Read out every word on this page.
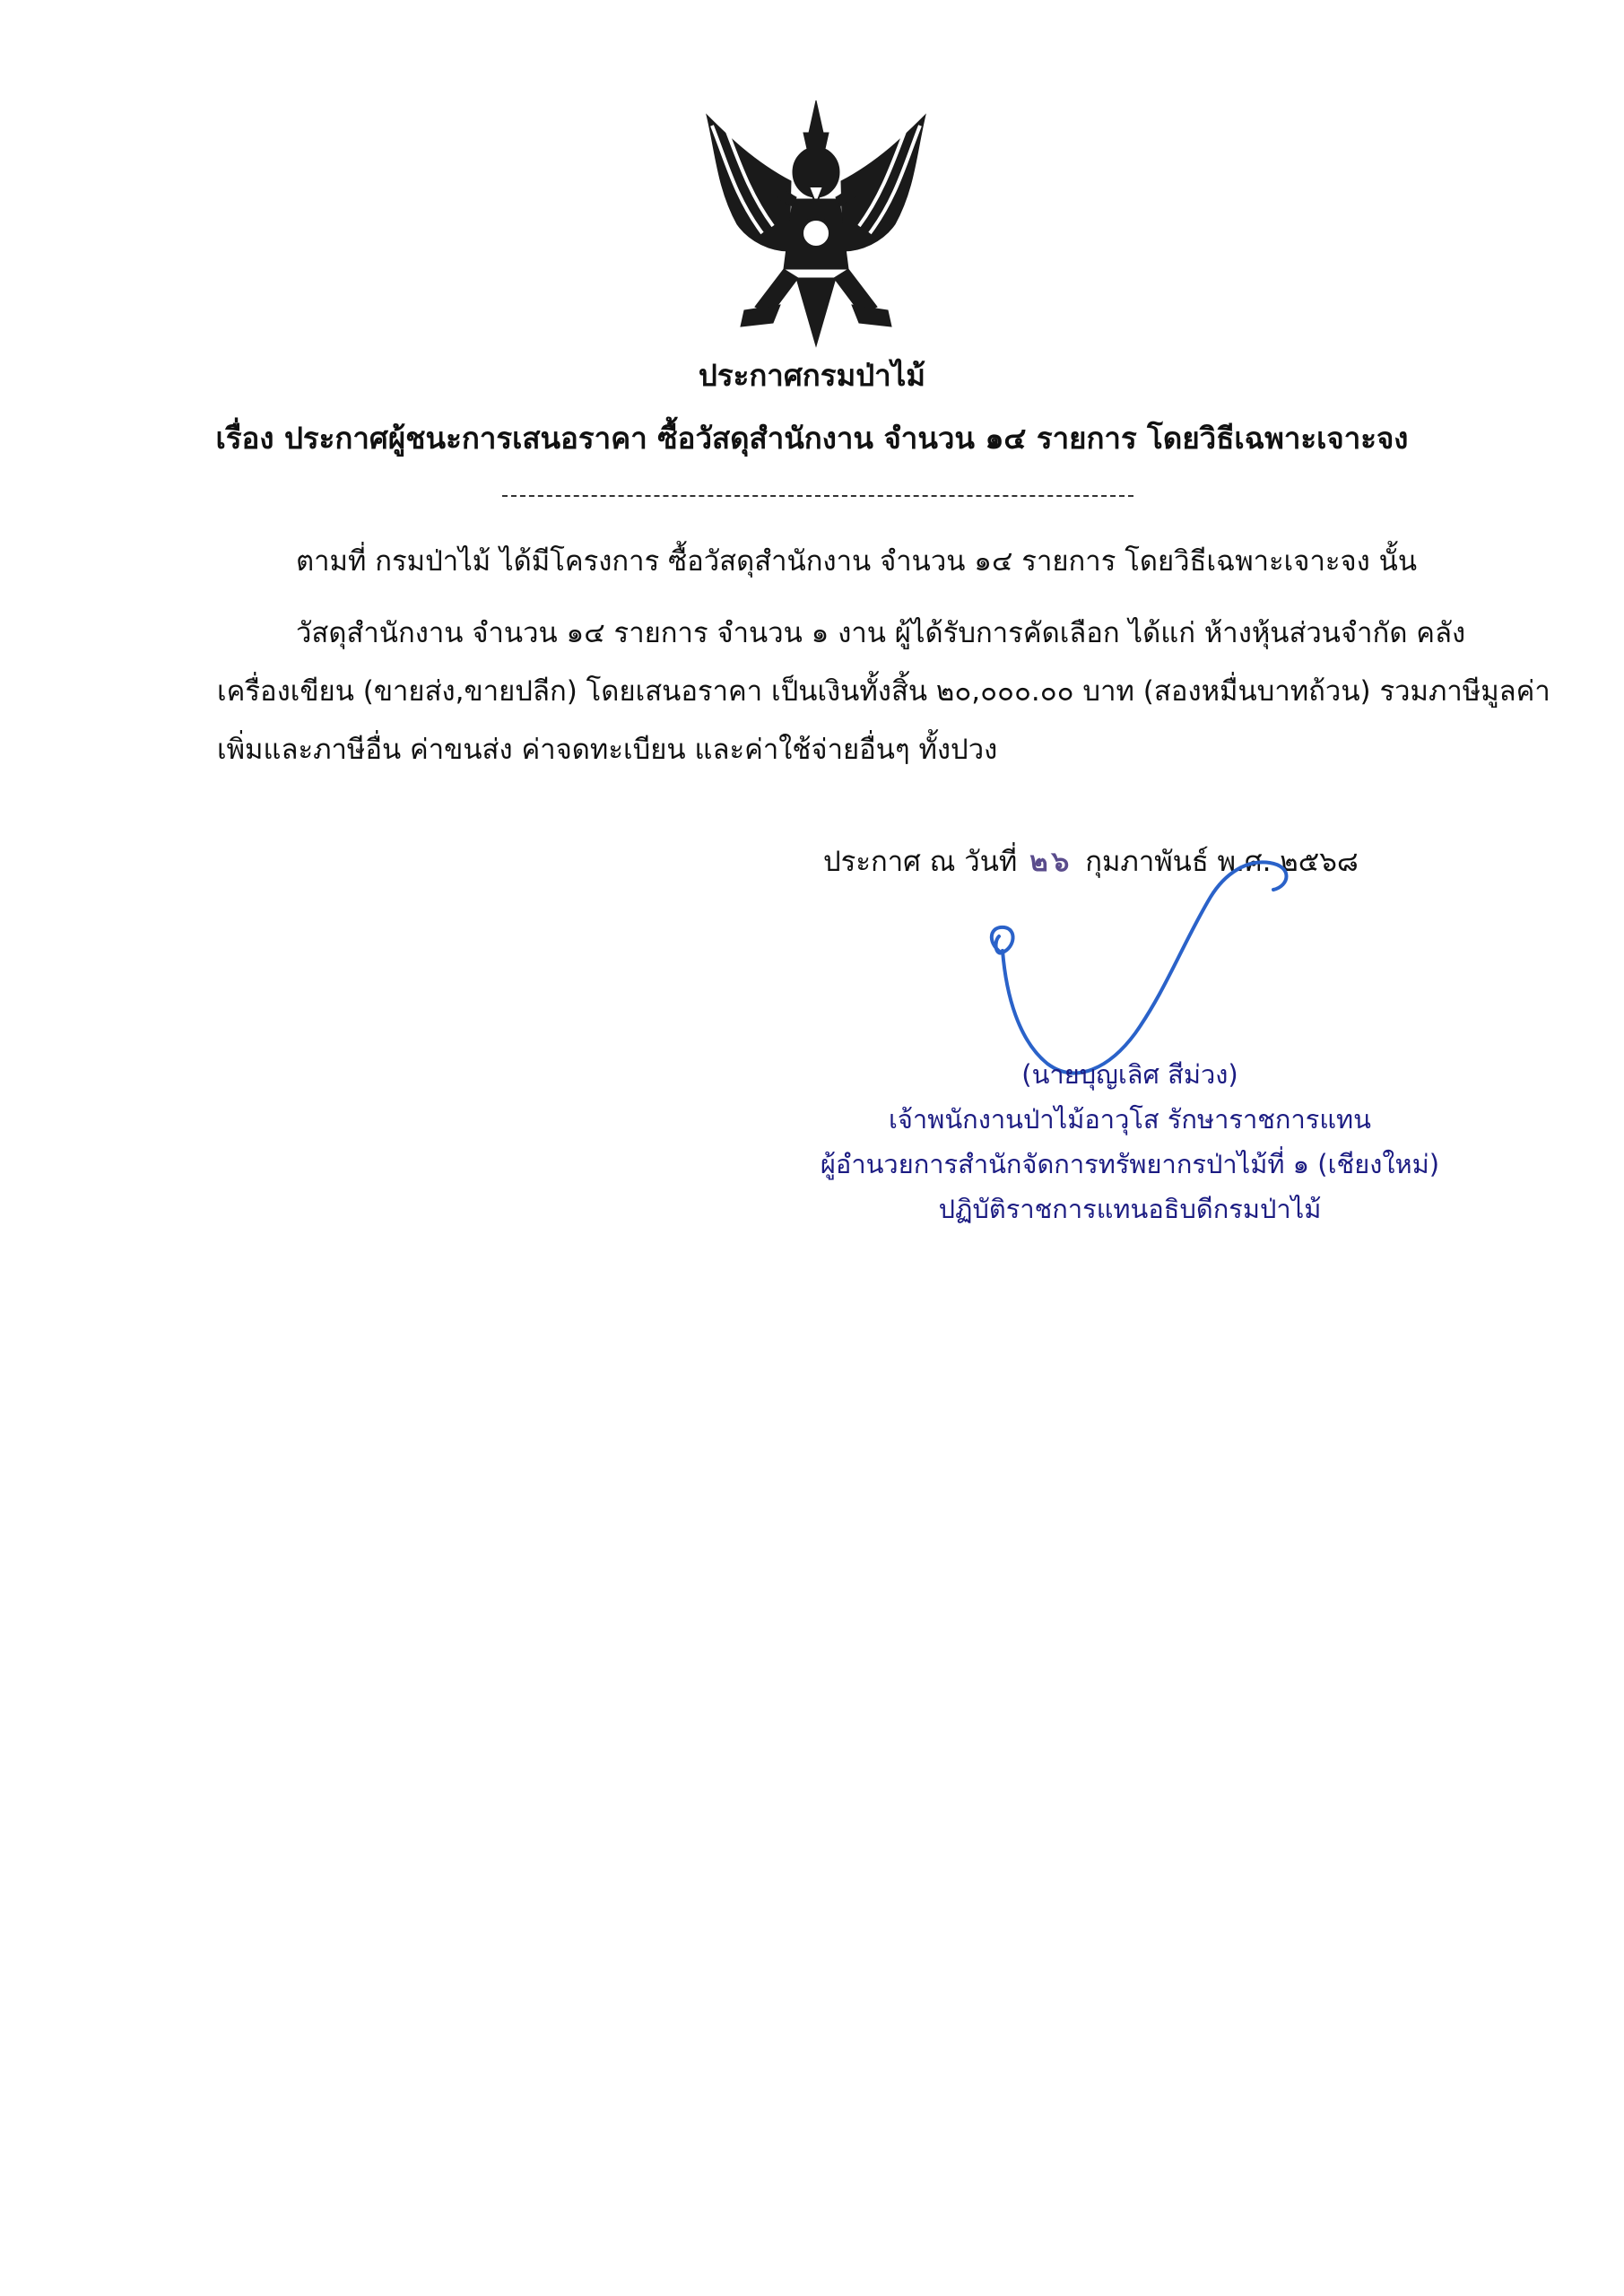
ประกาศกรมป่าไม้
เรื่อง ประกาศผู้ชนะการเสนอราคา ซื้อวัสดุสำนักงาน จำนวน ๑๔ รายการ โดยวิธีเฉพาะเจาะจง
ตามที่ กรมป่าไม้ ได้มีโครงการ ซื้อวัสดุสำนักงาน จำนวน ๑๔ รายการ โดยวิธีเฉพาะเจาะจง นั้น
วัสดุสำนักงาน จำนวน ๑๔ รายการ จำนวน ๑ งาน ผู้ได้รับการคัดเลือก ได้แก่ ห้างหุ้นส่วนจำกัด คลัง
เครื่องเขียน (ขายส่ง,ขายปลีก) โดยเสนอราคา เป็นเงินทั้งสิ้น ๒๐,๐๐๐.๐๐ บาท (สองหมื่นบาทถ้วน) รวมภาษีมูลค่า
เพิ่มและภาษีอื่น ค่าขนส่ง ค่าจดทะเบียน และค่าใช้จ่ายอื่นๆ ทั้งปวง
ประกาศ ณ วันที่ ๒๖ กุมภาพันธ์ พ.ศ. ๒๕๖๘
(นายบุญเลิศ สีม่วง)
เจ้าพนักงานป่าไม้อาวุโส รักษาราชการแทน
ผู้อำนวยการสำนักจัดการทรัพยากรป่าไม้ที่ ๑ (เชียงใหม่)
ปฏิบัติราชการแทนอธิบดีกรมป่าไม้
